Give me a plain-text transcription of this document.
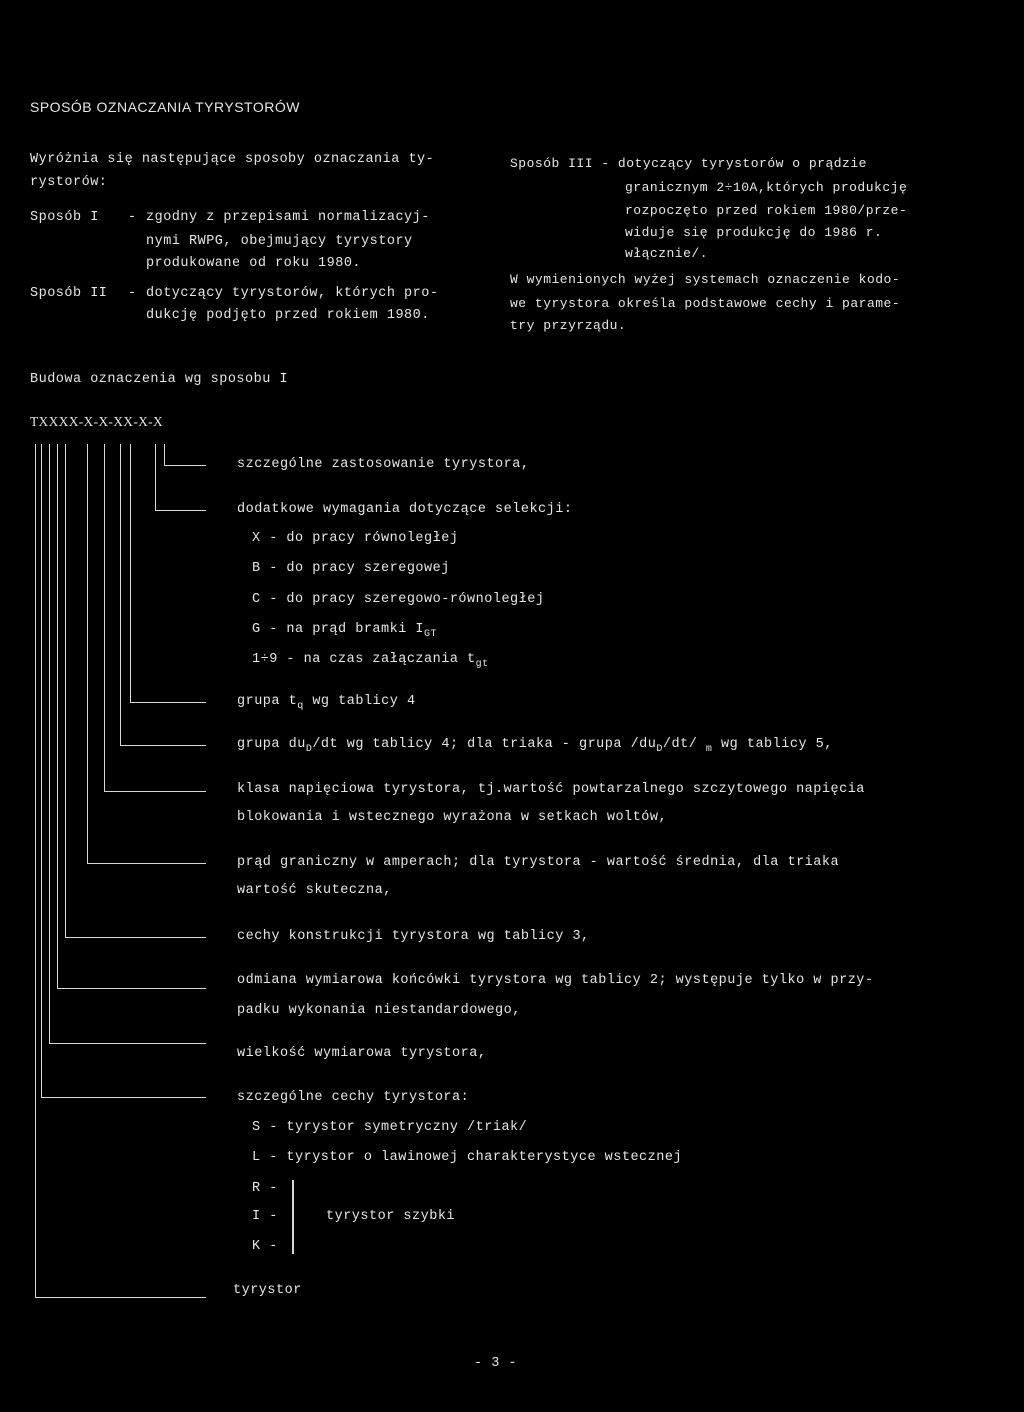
SPOSÓB OZNACZANIA TYRYSTORÓW
Wyróżnia się następujące sposoby oznaczania ty-
rystorów:
Sposób I - zgodny z przepisami normalizacyj-
nymi RWPG, obejmujący tyrystory
produkowane od roku 1980.
Sposób II - dotyczący tyrystorów, których pro-
dukcję podjęto przed rokiem 1980.
Sposób III - dotyczący tyrystorów o prądzie
granicznym 2÷10A,których produkcję
rozpoczęto przed rokiem 1980/prze-
widuje się produkcję do 1986 r.
włącznie/.
W wymienionych wyżej systemach oznaczenie kodo-
we tyrystora określa podstawowe cechy i parame-
try przyrządu.
Budowa oznaczenia wg sposobu I
TXXXX-X-X-XX-X-X
szczególne zastosowanie tyrystora,
dodatkowe wymagania dotyczące selekcji:
X - do pracy równoległej
B - do pracy szeregowej
C - do pracy szeregowo-równoległej
G - na prąd bramki $I_{GT}$
1÷9 - na czas załączania $t_{gt}$
grupa $t_q$ wg tablicy 4
grupa $du_D/dt$ wg tablicy 4; dla triaka - grupa $/du_D/dt/$ $_m$ wg tablicy 5,
klasa napięciowa tyrystora, tj.wartość powtarzalnego szczytowego napięcia
blokowania i wstecznego wyrażona w setkach woltów,
prąd graniczny w amperach; dla tyrystora - wartość średnia, dla triaka
wartość skuteczna,
cechy konstrukcji tyrystora wg tablicy 3,
odmiana wymiarowa końcówki tyrystora wg tablicy 2; występuje tylko w przy-
padku wykonania niestandardowego,
wielkość wymiarowa tyrystora,
szczególne cechy tyrystora:
S - tyrystor symetryczny /triak/
L - tyrystor o lawinowej charakterystyce wstecznej
R -
I -
K -
tyrystor szybki
tyrystor
- 3 -
